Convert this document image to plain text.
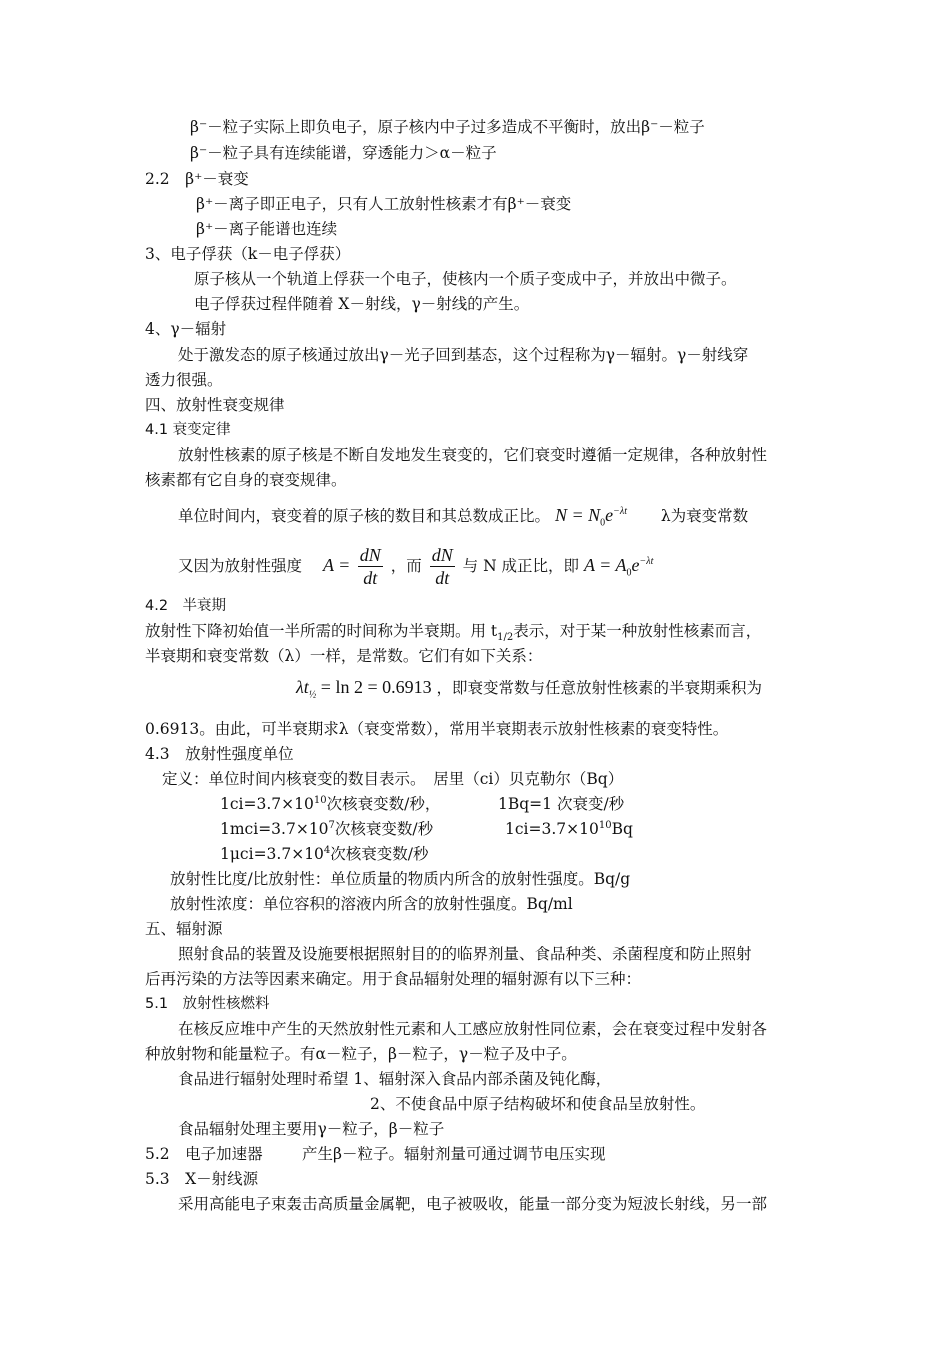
β⁻－粒子实际上即负电子，原子核内中子过多造成不平衡时，放出β⁻－粒子
β⁻－粒子具有连续能谱，穿透能力＞α－粒子
2.2　β⁺－衰变
β⁺－离子即正电子，只有人工放射性核素才有β⁺－衰变
β⁺－离子能谱也连续
3、电子俘获（k－电子俘获）
原子核从一个轨道上俘获一个电子，使核内一个质子变成中子，并放出中微子。
电子俘获过程伴随着 X－射线，γ－射线的产生。
4、γ－辐射
处于激发态的原子核通过放出γ－光子回到基态，这个过程称为γ－辐射。γ－射线穿
透力很强。
四、放射性衰变规律
4.1 衰变定律
放射性核素的原子核是不断自发地发生衰变的，它们衰变时遵循一定规律，各种放射性
核素都有它自身的衰变规律。
单位时间内，衰变着的原子核的数目和其总数成正比。 $N = N_0e^{-\lambda t}$ λ为衰变常数
又因为放射性强度 $A = \frac{dN}{dt}$ ，而 $\frac{dN}{dt}$ 与 N 成正比，即 $A = A_0e^{-\lambda t}$
4.2　半衰期
放射性下降初始值一半所需的时间称为半衰期。用 $t_{1/2}$表示，对于某一种放射性核素而言，
半衰期和衰变常数（λ）一样，是常数。它们有如下关系：
$\lambda t_{\frac{1}{2}} = \ln 2 = 0.6913$ ，即衰变常数与任意放射性核素的半衰期乘积为
0.6913。由此，可半衰期求λ（衰变常数），常用半衰期表示放射性核素的衰变特性。
4.3　放射性强度单位
定义：单位时间内核衰变的数目表示。　居里（ci）贝克勒尔（Bq）
$1ci=3.7\times 10^{10}$次核衰变数/秒，	1Bq=1 次衰变/秒
$1mci=3.7\times 10^7$次核衰变数/秒	$1ci=3.7\times 10^{10}Bq$
$1\mu ci=3.7\times 10^4$次核衰变数/秒
放射性比度/比放射性：单位质量的物质内所含的放射性强度。Bq/g
放射性浓度：单位容积的溶液内所含的放射性强度。Bq/ml
五、辐射源
照射食品的装置及设施要根据照射目的的临界剂量、食品种类、杀菌程度和防止照射
后再污染的方法等因素来确定。用于食品辐射处理的辐射源有以下三种：
5.1　放射性核燃料
在核反应堆中产生的天然放射性元素和人工感应放射性同位素，会在衰变过程中发射各
种放射物和能量粒子。有α－粒子，β－粒子，γ－粒子及中子。
食品进行辐射处理时希望 1、辐射深入食品内部杀菌及钝化酶，
2、不使食品中原子结构破坏和使食品呈放射性。
食品辐射处理主要用γ－粒子，β－粒子
5.2　电子加速器	产生β－粒子。辐射剂量可通过调节电压实现
5.3　X－射线源
采用高能电子束轰击高质量金属靶，电子被吸收，能量一部分变为短波长射线，另一部
